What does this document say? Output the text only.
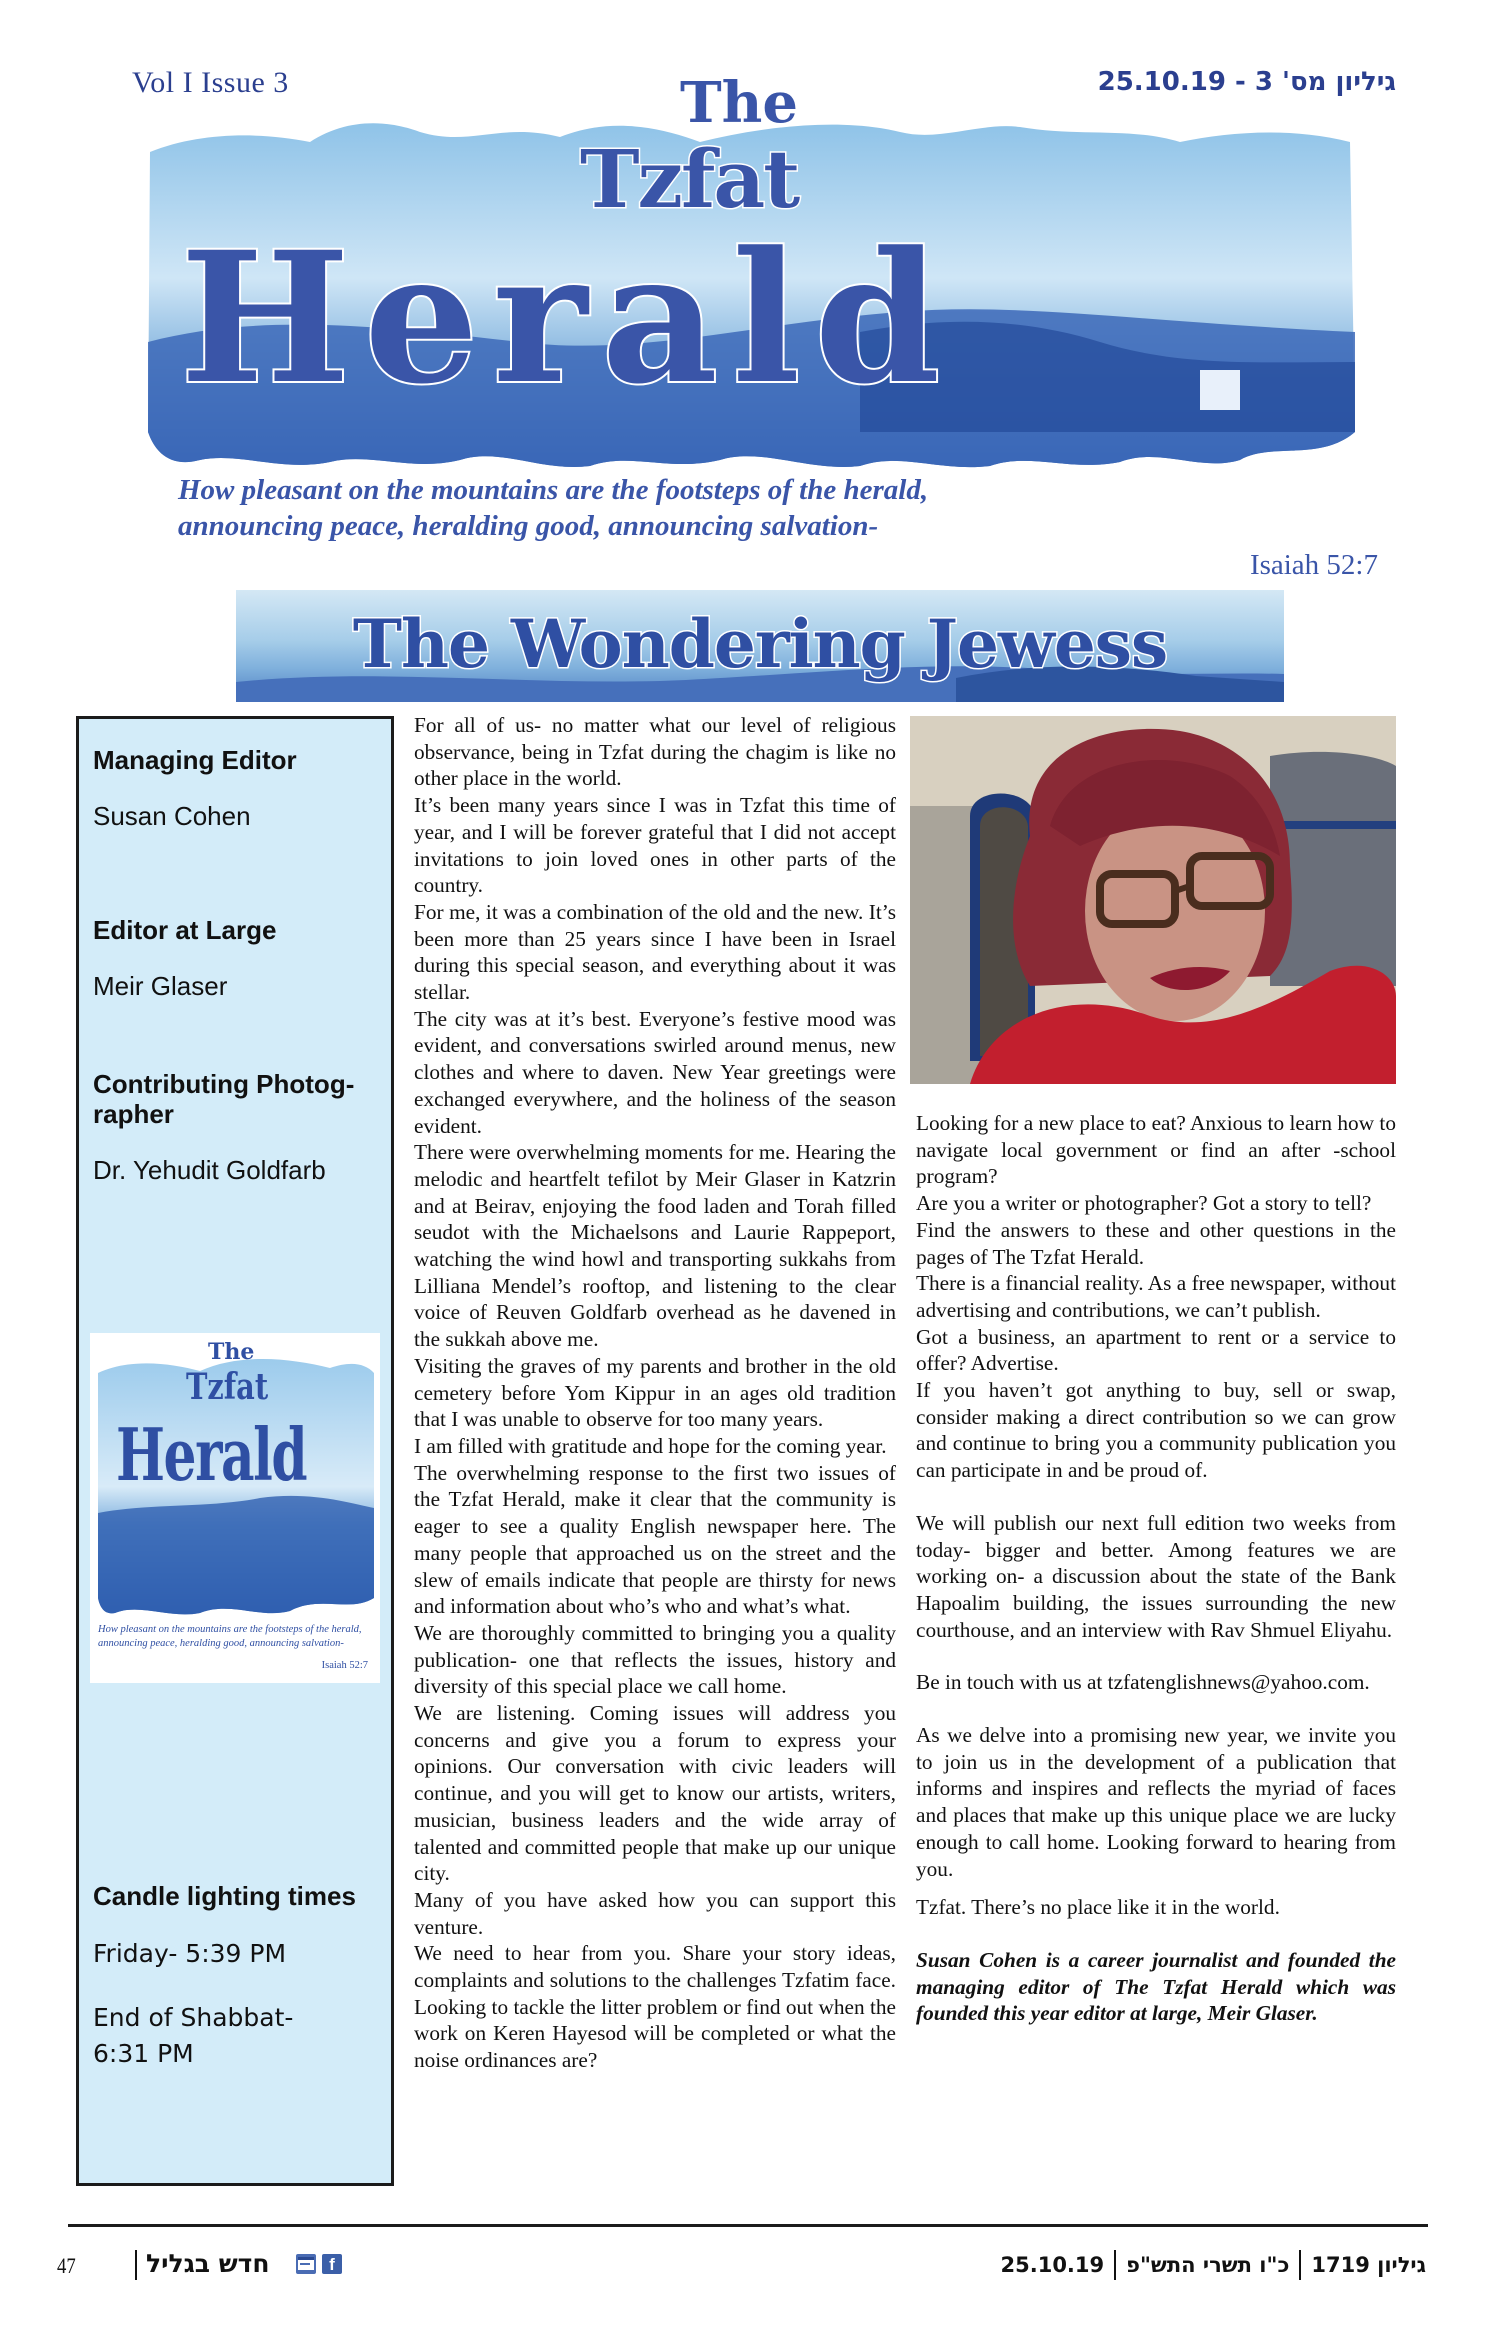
Vol I Issue 3	גיליון מס' 3 - 25.10.19
The
Tzfat
Herald
How pleasant on the mountains are the footsteps of the herald,
announcing peace, heralding good, announcing salvation-
Isaiah 52:7
The Wondering Jewess
Managing Editor
Susan Cohen
Editor at Large
Meir Glaser
Contributing Photog-
rapher
Dr. Yehudit Goldfarb
The
Tzfat
Herald
How pleasant on the mountains are the footsteps of the herald, announcing peace, heralding good, announcing salvation-
Isaiah 52:7
Candle lighting times
Friday- 5:39 PM
End of Shabbat-
6:31 PM

For all of us- no matter what our level of religious observance, being in Tzfat during the chagim is like no other place in the world.

It’s been many years since I was in Tzfat this time of year, and I will be forever grateful that I did not accept invitations to join loved ones in other parts of the country.

For me, it was a combination of the old and the new. It’s been more than 25 years since I have been in Israel during this special season, and everything about it was stellar.

The city was at it’s best. Everyone’s festive mood was evident, and conversations swirled around menus, new clothes and where to daven. New Year greetings were exchanged everywhere, and the holiness of the season evident.

There were overwhelming moments for me. Hearing the melodic and heartfelt tefilot by Meir Glaser in Katzrin and at Beirav, enjoying the food laden and Torah filled seudot with the Michaelsons and Laurie Rappeport, watching the wind howl and transporting sukkahs from Lilliana Mendel’s rooftop, and listening to the clear voice of Reuven Goldfarb overhead as he davened in the sukkah above me.

Visiting the graves of my parents and brother in the old cemetery before Yom Kippur in an ages old tradition that I was unable to observe for too many years.

I am filled with gratitude and hope for the coming year.

The overwhelming response to the first two issues of the Tzfat Herald, make it clear that the community is eager to see a quality English newspaper here. The many people that approached us on the street and the slew of emails indicate that people are thirsty for news and information about who’s who and what’s what.

We are thoroughly committed to bringing you a quality publication- one that reflects the issues, history and diversity of this special place we call home.

We are listening. Coming issues will address you concerns and give you a forum to express your opinions. Our conversation with civic leaders will continue, and you will get to know our artists, writers, musician, business leaders and the wide array of talented and committed people that make up our unique city.

Many of you have asked how you can support this venture.

We need to hear from you. Share your story ideas, complaints and solutions to the challenges Tzfatim face. Looking to tackle the litter problem or find out when the work on Keren Hayesod will be completed or what the noise ordinances are?

Looking for a new place to eat? Anxious to learn how to navigate local government or find an after -school program?

Are you a writer or photographer? Got a story to tell?

Find the answers to these and other questions in the pages of The Tzfat Herald.

There is a financial reality. As a free newspaper, without advertising and contributions, we can’t publish.

Got a business, an apartment to rent or a service to offer? Advertise.

If you haven’t got anything to buy, sell or swap, consider making a direct contribution so we can grow and continue to bring you a community publication you can participate in and be proud of.

We will publish our next full edition two weeks from today- bigger and better. Among features we are working on- a discussion about the state of the Bank Hapoalim building, the issues surrounding the new courthouse, and an interview with Rav Shmuel Eliyahu.

Be in touch with us at tzfatenglishnews@yahoo.com.

As we delve into a promising new year, we invite you to join us in the development of a publication that informs and inspires and reflects the myriad of faces and places that make up this unique place we are lucky enough to call home. Looking forward to hearing from you.

Tzfat. There’s no place like it in the world.

Susan Cohen is a career journalist and founded the managing editor of The Tzfat Herald which was founded this year editor at large, Meir Glaser.

47	חדש בגליל	f	גיליון 1719
כ"ו תשרי התש"פ
25.10.19
